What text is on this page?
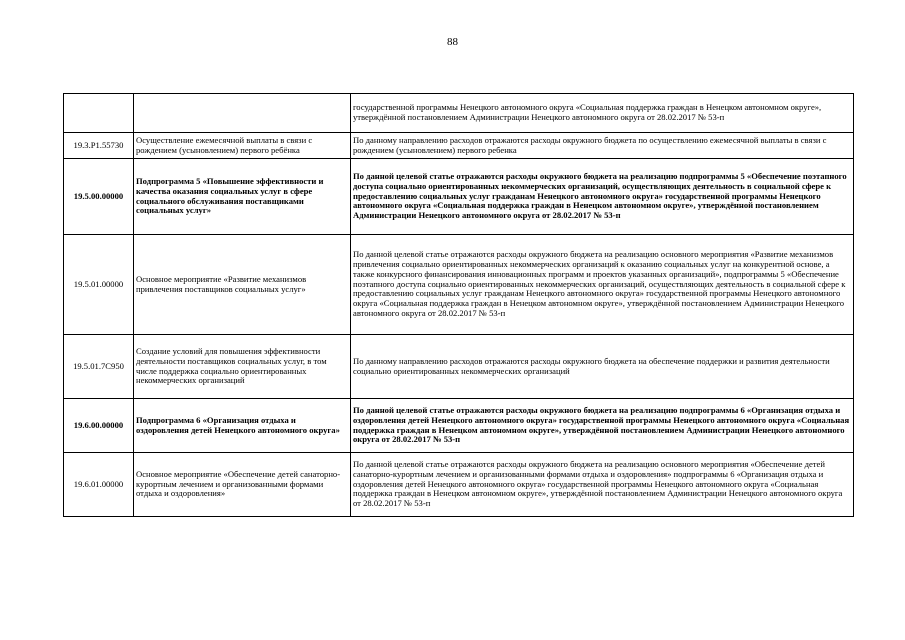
88
		государственной программы Ненецкого автономного округа «Социальная поддержка граждан в Ненецком автономном округе», утверждённой постановлением Администрации Ненецкого автономного округа от 28.02.2017 № 53-п
19.3.P1.55730	Осуществление ежемесячной выплаты в связи с рождением (усыновлением) первого ребёнка	По данному направлению расходов отражаются расходы окружного бюджета по осуществлению ежемесячной выплаты в связи с рождением (усыновлением) первого ребенка
19.5.00.00000	Подпрограмма 5 «Повышение эффективности и качества оказания социальных услуг в сфере социального обслуживания поставщиками социальных услуг»	По данной целевой статье отражаются расходы окружного бюджета на реализацию подпрограммы 5 «Обеспечение поэтапного доступа социально ориентированных некоммерческих организаций, осуществляющих деятельность в социальной сфере к предоставлению социальных услуг гражданам Ненецкого автономного округа» государственной программы Ненецкого автономного округа «Социальная поддержка граждан в Ненецком автономном округе», утверждённой постановлением Администрации Ненецкого автономного округа от 28.02.2017 № 53-п
19.5.01.00000	Основное мероприятие «Развитие механизмов привлечения поставщиков социальных услуг»	По данной целевой статье отражаются расходы окружного бюджета на реализацию основного мероприятия «Развитие механизмов привлечения социально ориентированных некоммерческих организаций к оказанию социальных услуг на конкурентной основе, а также конкурсного финансирования инновационных программ и проектов указанных организаций», подпрограммы 5 «Обеспечение поэтапного доступа социально ориентированных некоммерческих организаций, осуществляющих деятельность в социальной сфере к предоставлению социальных услуг гражданам Ненецкого автономного округа» государственной программы Ненецкого автономного округа «Социальная поддержка граждан в Ненецком автономном округе», утверждённой постановлением Администрации Ненецкого автономного округа от 28.02.2017 № 53-п
19.5.01.7C950	Создание условий для повышения эффективности деятельности поставщиков социальных услуг, в том числе поддержка социально ориентированных некоммерческих организаций	По данному направлению расходов отражаются расходы окружного бюджета на обеспечение поддержки и развития деятельности социально ориентированных некоммерческих организаций
19.6.00.00000	Подпрограмма 6 «Организация отдыха и оздоровления детей Ненецкого автономного округа»	По данной целевой статье отражаются расходы окружного бюджета на реализацию подпрограммы 6 «Организация отдыха и оздоровления детей Ненецкого автономного округа» государственной программы Ненецкого автономного округа «Социальная поддержка граждан в Ненецком автономном округе», утверждённой постановлением Администрации Ненецкого автономного округа от 28.02.2017 № 53-п
19.6.01.00000	Основное мероприятие «Обеспечение детей санаторно-курортным лечением и организованными формами отдыха и оздоровления»	По данной целевой статье отражаются расходы окружного бюджета на реализацию основного мероприятия «Обеспечение детей санаторно-курортным лечением и организованными формами отдыха и оздоровления» подпрограммы 6 «Организация отдыха и оздоровления детей Ненецкого автономного округа» государственной программы Ненецкого автономного округа «Социальная поддержка граждан в Ненецком автономном округе», утверждённой постановлением Администрации Ненецкого автономного округа от 28.02.2017 № 53-п
